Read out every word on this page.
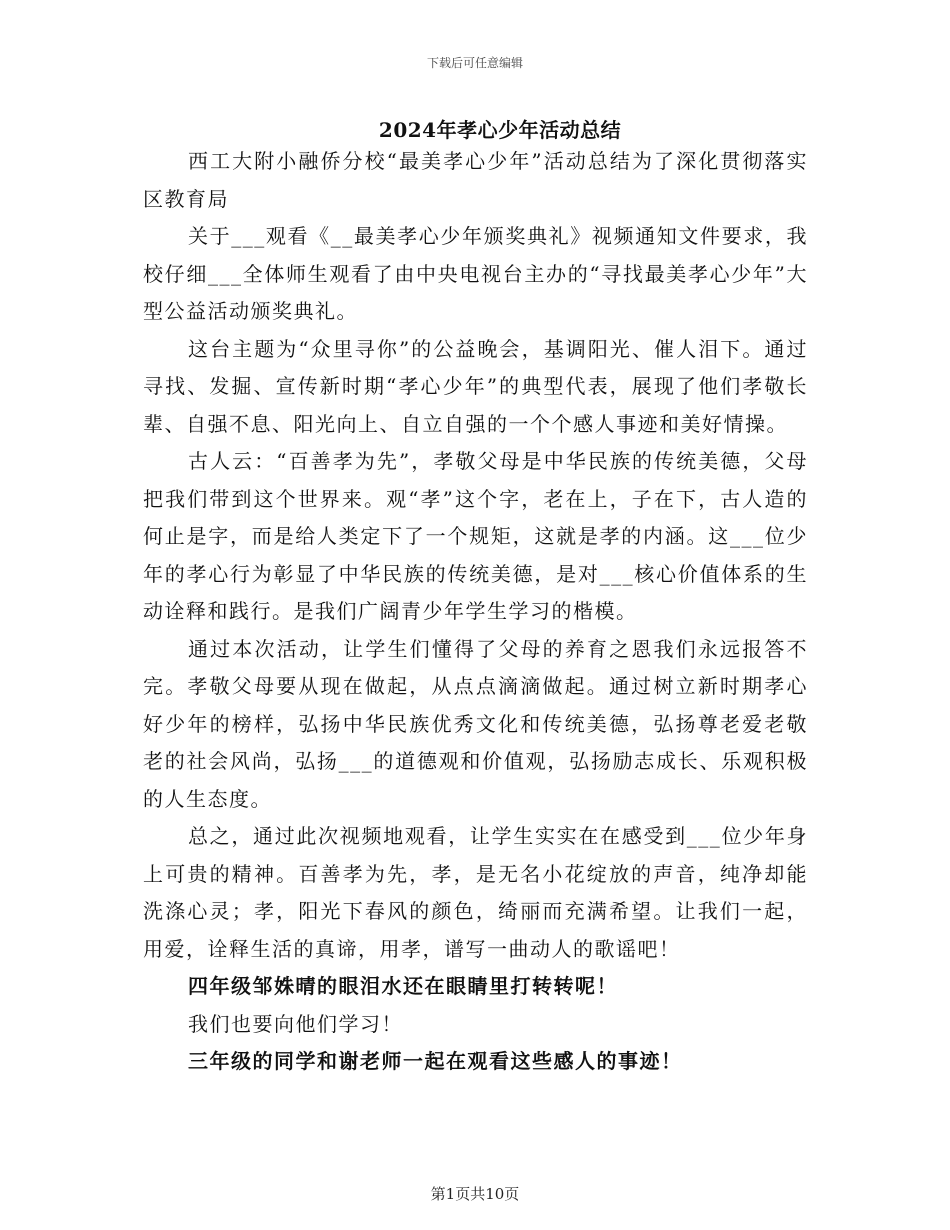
下载后可任意编辑
2024年孝心少年活动总结

西工大附小融侨分校“最美孝心少年”活动总结为了深化贯彻落实区教育局

关于___观看《__最美孝心少年颁奖典礼》视频通知文件要求，我校仔细___全体师生观看了由中央电视台主办的“寻找最美孝心少年”大型公益活动颁奖典礼。

这台主题为“众里寻你”的公益晚会，基调阳光、催人泪下。通过寻找、发掘、宣传新时期“孝心少年”的典型代表，展现了他们孝敬长辈、自强不息、阳光向上、自立自强的一个个感人事迹和美好情操。

古人云：“百善孝为先”，孝敬父母是中华民族的传统美德，父母把我们带到这个世界来。观“孝”这个字，老在上，子在下，古人造的何止是字，而是给人类定下了一个规矩，这就是孝的内涵。这___位少年的孝心行为彰显了中华民族的传统美德，是对___核心价值体系的生动诠释和践行。是我们广阔青少年学生学习的楷模。

通过本次活动，让学生们懂得了父母的养育之恩我们永远报答不完。孝敬父母要从现在做起，从点点滴滴做起。通过树立新时期孝心好少年的榜样，弘扬中华民族优秀文化和传统美德，弘扬尊老爱老敬老的社会风尚，弘扬___的道德观和价值观，弘扬励志成长、乐观积极的人生态度。

总之，通过此次视频地观看，让学生实实在在感受到___位少年身上可贵的精神。百善孝为先，孝，是无名小花绽放的声音，纯净却能洗涤心灵；孝，阳光下春风的颜色，绮丽而充满希望。让我们一起，用爱，诠释生活的真谛，用孝，谱写一曲动人的歌谣吧！

四年级邹姝晴的眼泪水还在眼睛里打转转呢！

我们也要向他们学习！

三年级的同学和谢老师一起在观看这些感人的事迹！

第1页共10页
